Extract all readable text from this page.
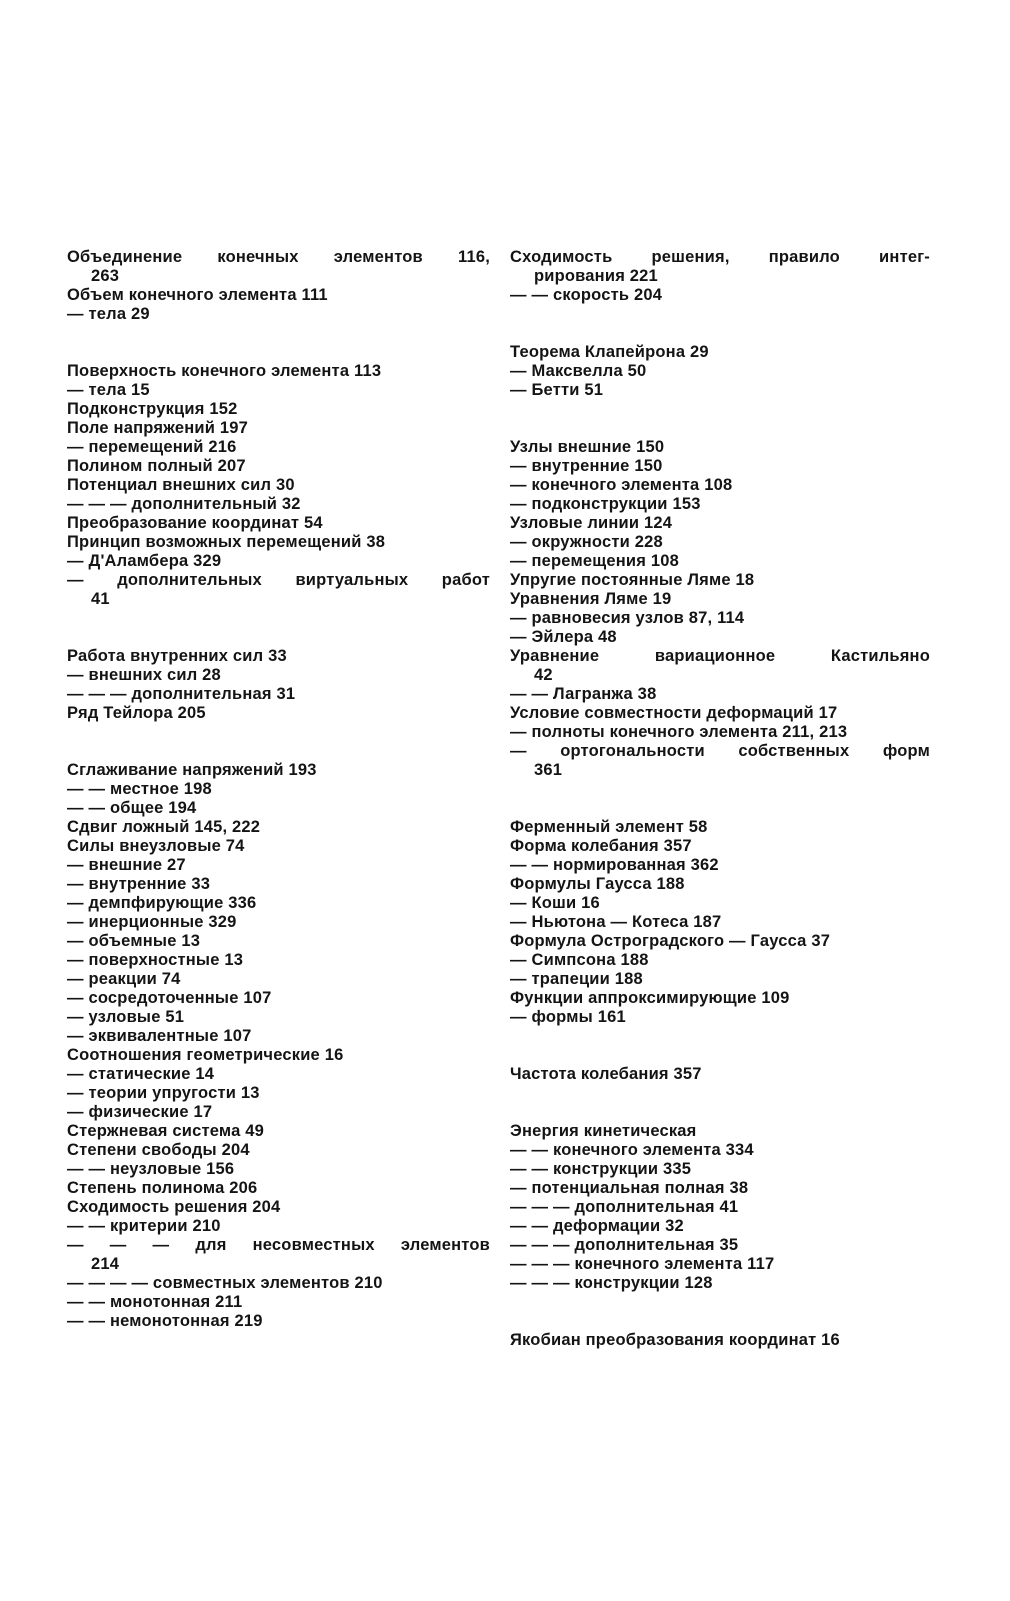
Объединение конечных элементов 116,
263
Объем конечного элемента 111
— тела 29
Поверхность конечного элемента 113
— тела 15
Подконструкция 152
Поле напряжений 197
— перемещений 216
Полином полный 207
Потенциал внешних сил 30
— — — дополнительный 32
Преобразование координат 54
Принцип возможных перемещений 38
— Д'Аламбера 329
— дополнительных виртуальных работ
41
Работа внутренних сил 33
— внешних сил 28
— — — дополнительная 31
Ряд Тейлора 205
Сглаживание напряжений 193
— — местное 198
— — общее 194
Сдвиг ложный 145, 222
Силы внеузловые 74
— внешние 27
— внутренние 33
— демпфирующие 336
— инерционные 329
— объемные 13
— поверхностные 13
— реакции 74
— сосредоточенные 107
— узловые 51
— эквивалентные 107
Соотношения геометрические 16
— статические 14
— теории упругости 13
— физические 17
Стержневая система 49
Степени свободы 204
— — неузловые 156
Степень полинома 206
Сходимость решения 204
— — критерии 210
— — — для несовместных элементов
214
— — — — совместных элементов 210
— — монотонная 211
— — немонотонная 219
Сходимость решения, правило интег-
рирования 221
— — скорость 204
Теорема Клапейрона 29
— Максвелла 50
— Бетти 51
Узлы внешние 150
— внутренние 150
— конечного элемента 108
— подконструкции 153
Узловые линии 124
— окружности 228
— перемещения 108
Упругие постоянные Ляме 18
Уравнения Ляме 19
— равновесия узлов 87, 114
— Эйлера 48
Уравнение вариационное Кастильяно
42
— — Лагранжа 38
Условие совместности деформаций 17
— полноты конечного элемента 211, 213
— ортогональности собственных форм
361
Ферменный элемент 58
Форма колебания 357
— — нормированная 362
Формулы Гаусса 188
— Коши 16
— Ньютона — Котеса 187
Формула Остроградского — Гаусса 37
— Симпсона 188
— трапеции 188
Функции аппроксимирующие 109
— формы 161
Частота колебания 357
Энергия кинетическая
— — конечного элемента 334
— — конструкции 335
— потенциальная полная 38
— — — дополнительная 41
— — деформации 32
— — — дополнительная 35
— — — конечного элемента 117
— — — конструкции 128
Якобиан преобразования координат 16
